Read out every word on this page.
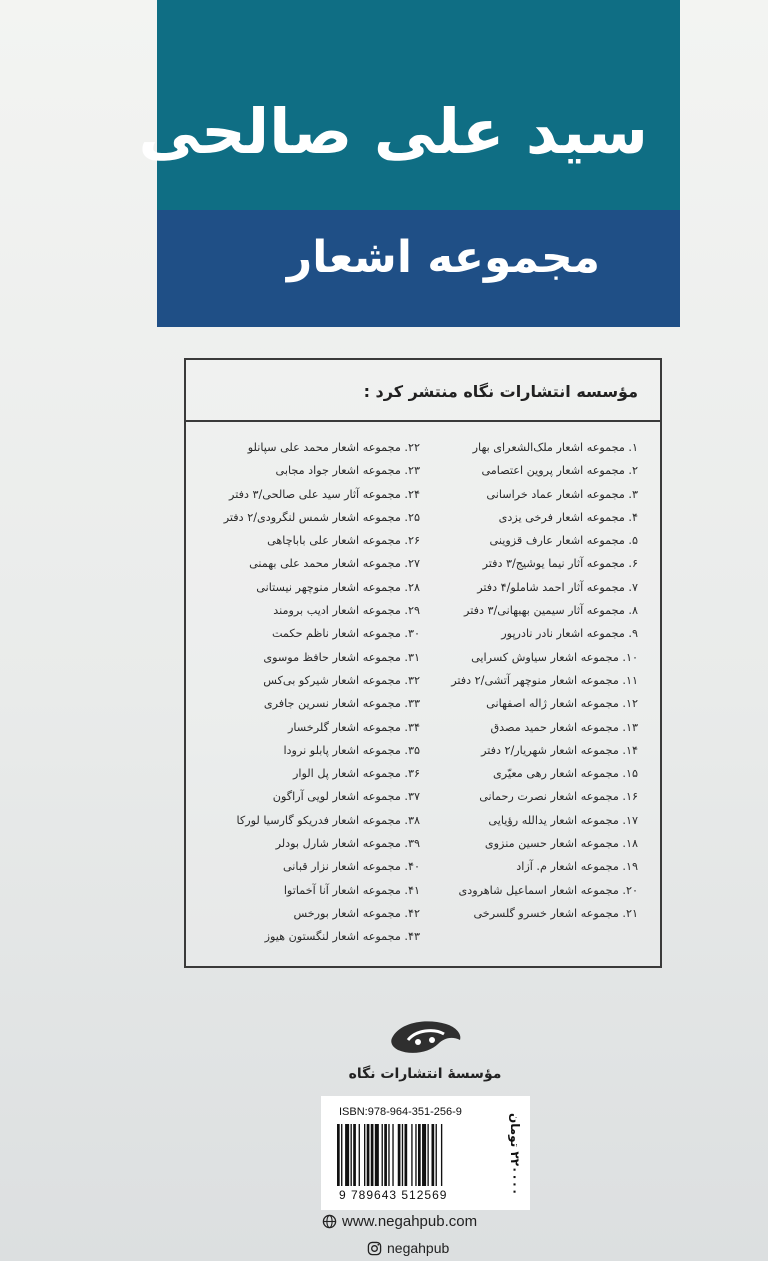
سید علی صالحی
مجموعه اشعار
مؤسسه انتشارات نگاه منتشر کرد :
۱. مجموعه اشعار ملک‌الشعرای بهار
۲. مجموعه اشعار پروین اعتصامی
۳. مجموعه اشعار عماد خراسانی
۴. مجموعه اشعار فرخی یزدی
۵. مجموعه اشعار عارف قزوینی
۶. مجموعه آثار نیما یوشیج/۳ دفتر
۷. مجموعه آثار احمد شاملو/۴ دفتر
۸. مجموعه آثار سیمین بهبهانی/۳ دفتر
۹. مجموعه اشعار نادر نادرپور
۱۰. مجموعه اشعار سیاوش کسرایی
۱۱. مجموعه اشعار منوچهر آتشی/۲ دفتر
۱۲. مجموعه اشعار ژاله اصفهانی
۱۳. مجموعه اشعار حمید مصدق
۱۴. مجموعه اشعار شهریار/۲ دفتر
۱۵. مجموعه اشعار رهی معیّری
۱۶. مجموعه اشعار نصرت رحمانی
۱۷. مجموعه اشعار یدالله رؤیایی
۱۸. مجموعه اشعار حسین منزوی
۱۹. مجموعه اشعار م. آزاد
۲۰. مجموعه اشعار اسماعیل شاهرودی
۲۱. مجموعه اشعار خسرو گلسرخی
۲۲. مجموعه اشعار محمد علی سپانلو
۲۳. مجموعه اشعار جواد مجابی
۲۴. مجموعه آثار سید علی صالحی/۳ دفتر
۲۵. مجموعه اشعار شمس لنگرودی/۲ دفتر
۲۶. مجموعه اشعار علی باباچاهی
۲۷. مجموعه اشعار محمد علی بهمنی
۲۸. مجموعه اشعار منوچهر نیستانی
۲۹. مجموعه اشعار ادیب برومند
۳۰. مجموعه اشعار ناظم حکمت
۳۱. مجموعه اشعار حافظ موسوی
۳۲. مجموعه اشعار شیرکو بی‌کس
۳۳. مجموعه اشعار نسرین جافری
۳۴. مجموعه اشعار گلرخسار
۳۵. مجموعه اشعار پابلو نرودا
۳۶. مجموعه اشعار پل الوار
۳۷. مجموعه اشعار لویی آراگون
۳۸. مجموعه اشعار فدریکو گارسیا لورکا
۳۹. مجموعه اشعار شارل بودلر
۴۰. مجموعه اشعار نزار قبانی
۴۱. مجموعه اشعار آنا آخماتوا
۴۲. مجموعه اشعار بورخس
۴۳. مجموعه اشعار لنگستون هیوز
مؤسسهٔ انتشارات نگاه
ISBN:978-964-351-256-9
9 789643 512569
۲۲۰۰۰۰ تومان
www.negahpub.com
negahpub
